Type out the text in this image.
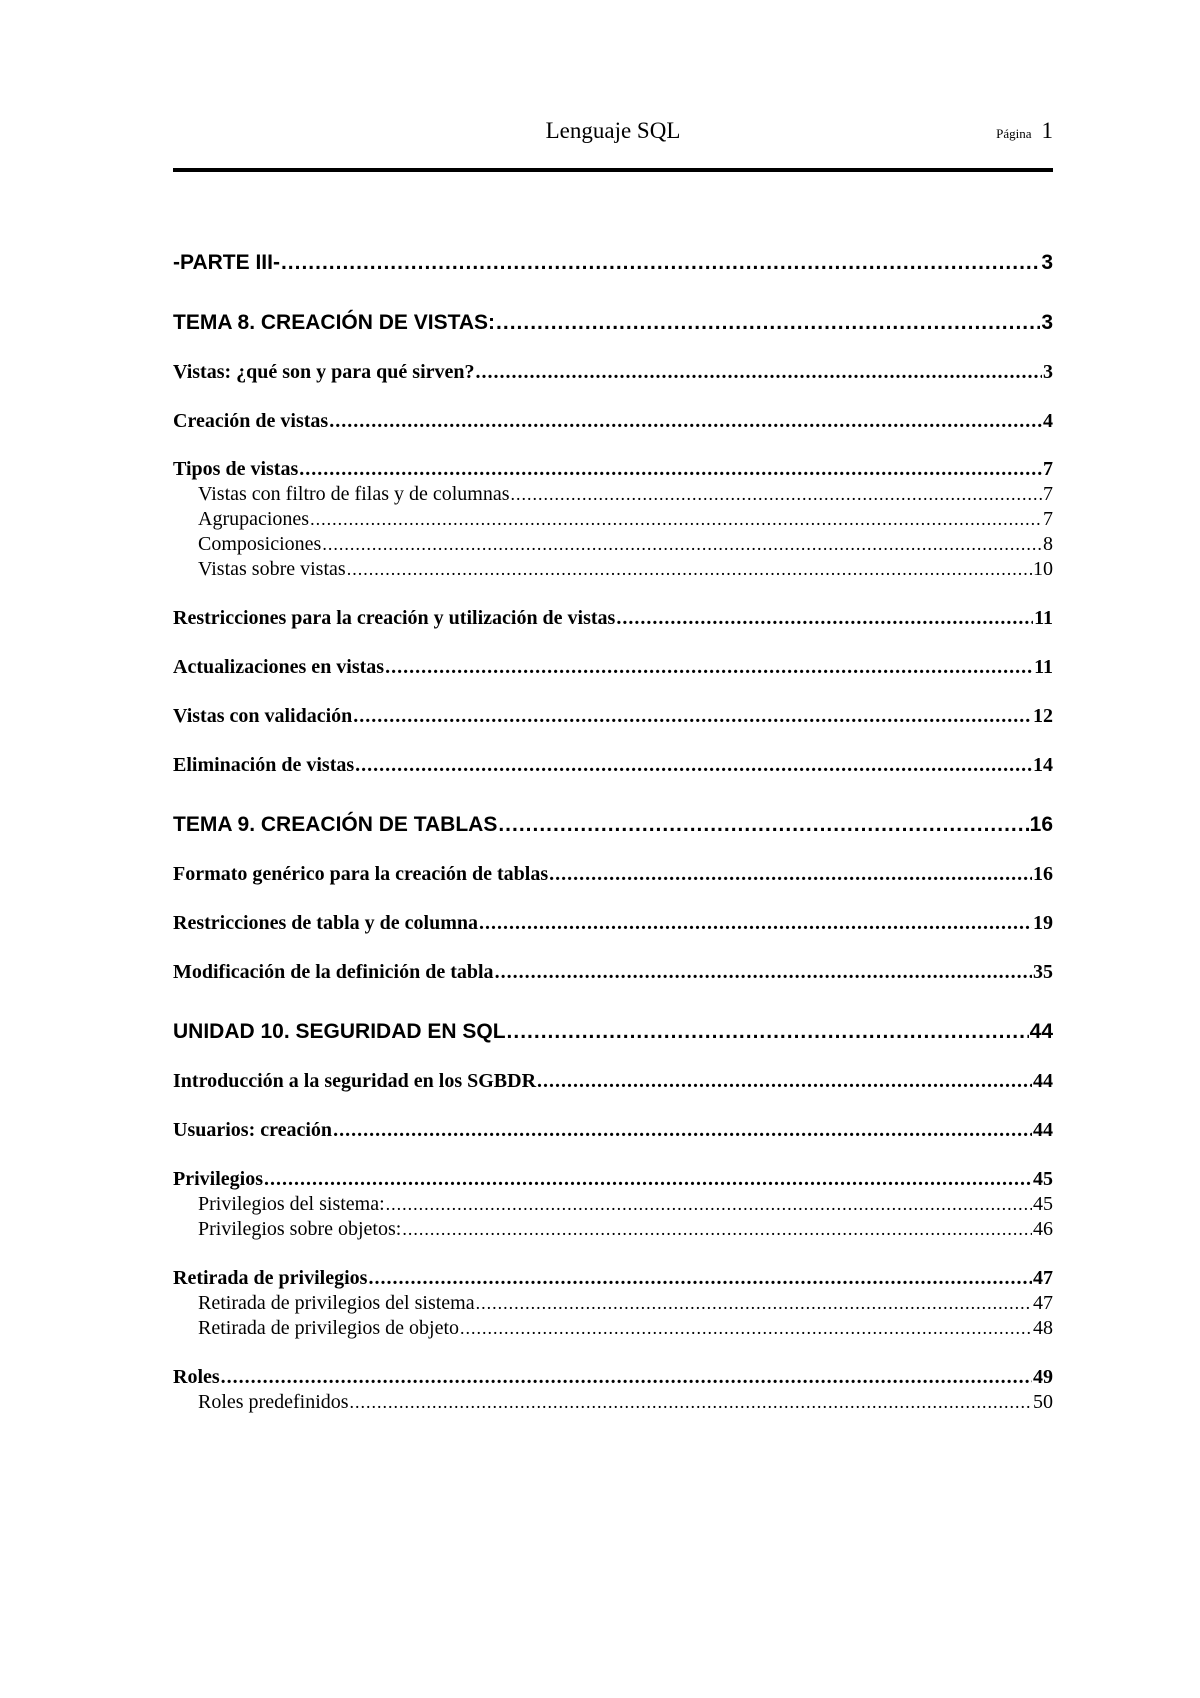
Lenguaje SQL	Página 1
-PARTE III- .....	3
TEMA 8. CREACIÓN DE VISTAS: .....	3
Vistas: ¿qué son y para qué sirven? .....	3
Creación de vistas .....	4
Tipos de vistas .....	7
Vistas con filtro de filas y de columnas .....	7
Agrupaciones .....	7
Composiciones .....	8
Vistas sobre vistas .....	10
Restricciones para la creación y utilización de vistas .....	11
Actualizaciones en vistas .....	11
Vistas con validación .....	12
Eliminación de vistas .....	14
TEMA 9. CREACIÓN DE TABLAS .....	16
Formato genérico para la creación de tablas .....	16
Restricciones de tabla y de columna .....	19
Modificación de la definición de tabla .....	35
UNIDAD 10. SEGURIDAD EN SQL .....	44
Introducción a la seguridad en los SGBDR .....	44
Usuarios: creación .....	44
Privilegios .....	45
Privilegios del sistema: .....	45
Privilegios sobre objetos: .....	46
Retirada de privilegios .....	47
Retirada de privilegios del sistema .....	47
Retirada de privilegios de objeto .....	48
Roles .....	49
Roles predefinidos .....	50
